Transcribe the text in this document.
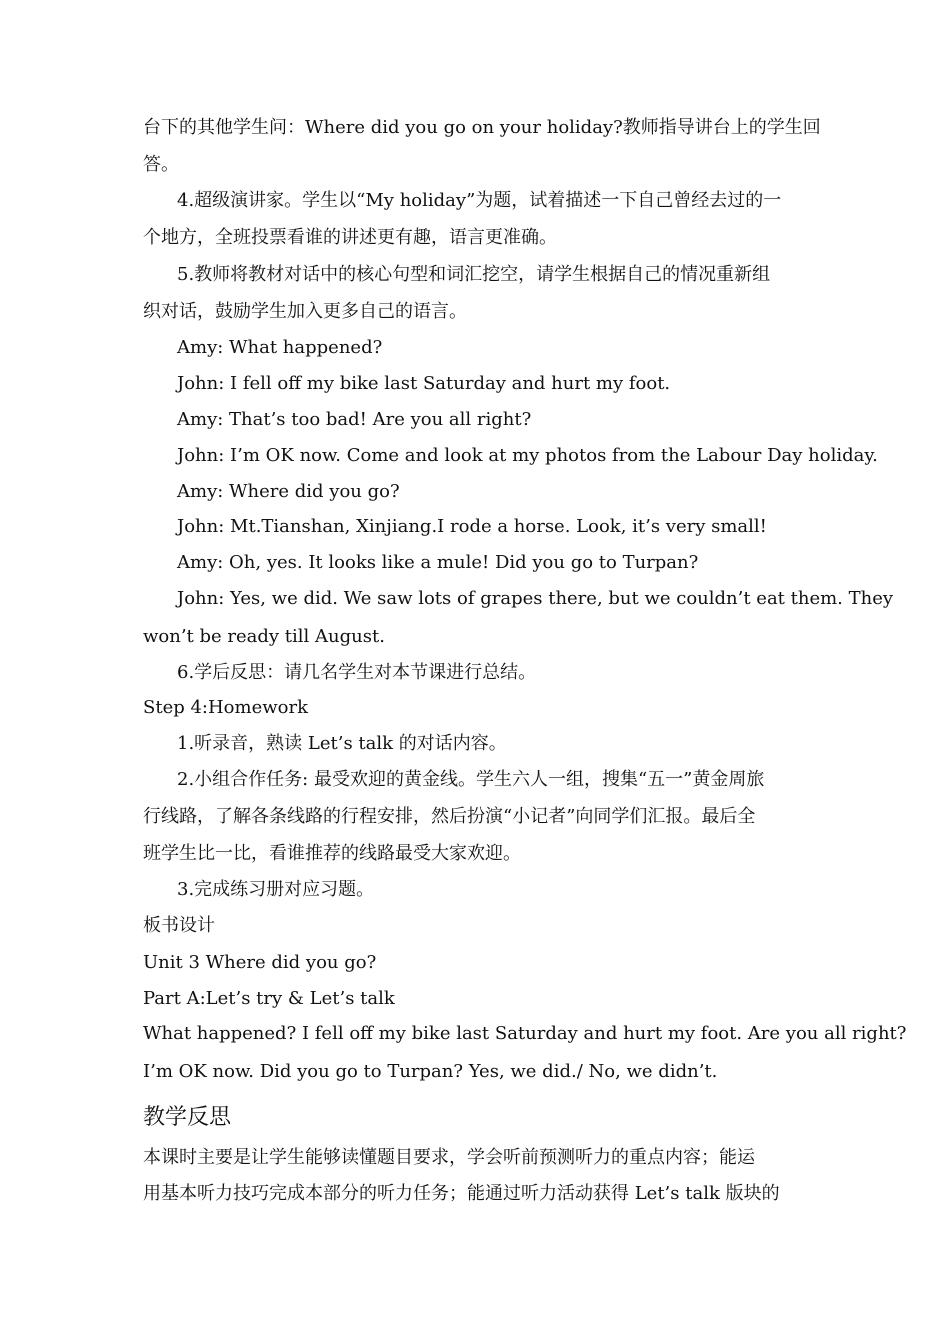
台下的其他学生问：Where did you go on your holiday?教师指导讲台上的学生回
答。
4.超级演讲家。学生以“My holiday”为题，试着描述一下自己曾经去过的一
个地方，全班投票看谁的讲述更有趣，语言更准确。
5.教师将教材对话中的核心句型和词汇挖空，请学生根据自己的情况重新组
织对话，鼓励学生加入更多自己的语言。
Amy: What happened?
John: I fell off my bike last Saturday and hurt my foot.
Amy: That’s too bad! Are you all right?
John: I’m OK now. Come and look at my photos from the Labour Day holiday.
Amy: Where did you go?
John: Mt.Tianshan, Xinjiang.I rode a horse. Look, it’s very small!
Amy: Oh, yes. It looks like a mule! Did you go to Turpan?
John: Yes, we did. We saw lots of grapes there, but we couldn’t eat them. They
won’t be ready till August.
6.学后反思：请几名学生对本节课进行总结。
Step 4:Homework
1.听录音，熟读 Let’s talk 的对话内容。
2.小组合作任务: 最受欢迎的黄金线。学生六人一组，搜集“五一”黄金周旅
行线路，了解各条线路的行程安排，然后扮演“小记者”向同学们汇报。最后全
班学生比一比，看谁推荐的线路最受大家欢迎。
3.完成练习册对应习题。
板书设计
Unit 3 Where did you go?
Part A:Let’s try & Let’s talk
What happened? I fell off my bike last Saturday and hurt my foot. Are you all right?
I’m OK now. Did you go to Turpan? Yes, we did./ No, we didn’t.
教学反思
本课时主要是让学生能够读懂题目要求，学会听前预测听力的重点内容；能运
用基本听力技巧完成本部分的听力任务；能通过听力活动获得 Let’s talk 版块的
